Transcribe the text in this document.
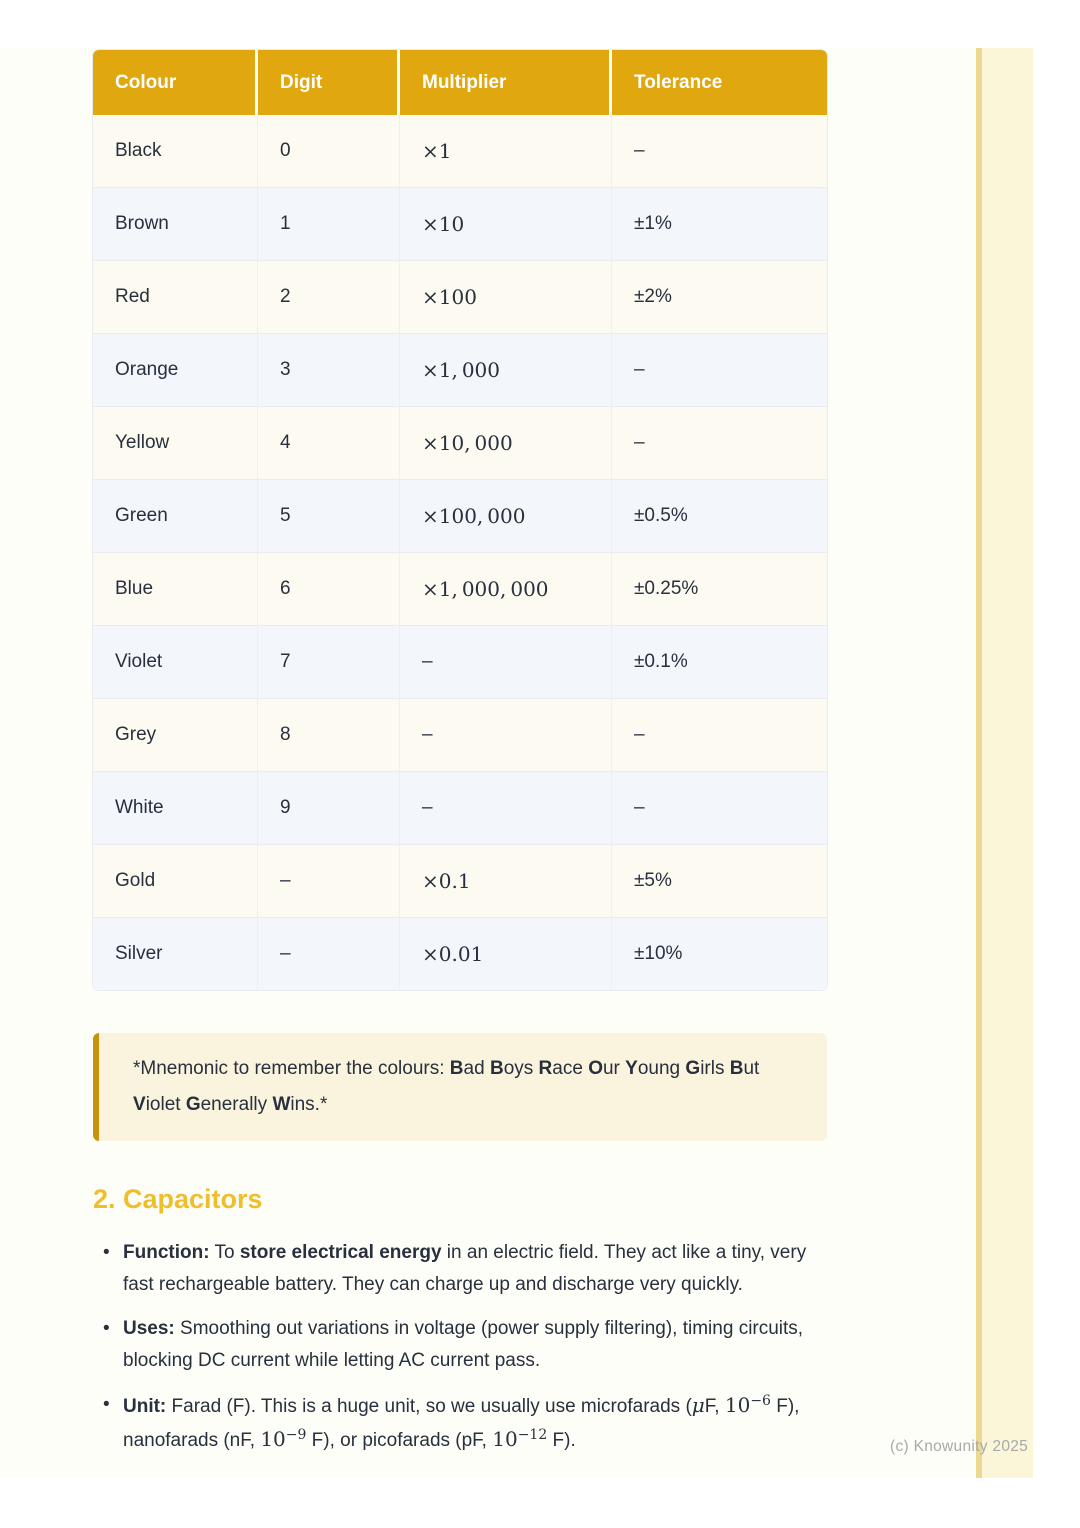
Colour	Digit	Multiplier	Tolerance
Black	0	×1	–
Brown	1	×10	±1%
Red	2	×100	±2%
Orange	3	×1, 000	–
Yellow	4	×10, 000	–
Green	5	×100, 000	±0.5%
Blue	6	×1, 000, 000	±0.25%
Violet	7	–	±0.1%
Grey	8	–	–
White	9	–	–
Gold	–	×0.1	±5%
Silver	–	×0.01	±10%
*Mnemonic to remember the colours: Bad Boys Race Our Young Girls But Violet Generally Wins.*
2. Capacitors
• Function: To store electrical energy in an electric field. They act like a tiny, very fast rechargeable battery. They can charge up and discharge very quickly.
• Uses: Smoothing out variations in voltage (power supply filtering), timing circuits, blocking DC current while letting AC current pass.
• Unit: Farad (F). This is a huge unit, so we usually use microfarads (μF, $10^{-6}$ F), nanofarads (nF, $10^{-9}$ F), or picofarads (pF, $10^{-12}$ F).	(c) Knowunity 2025
